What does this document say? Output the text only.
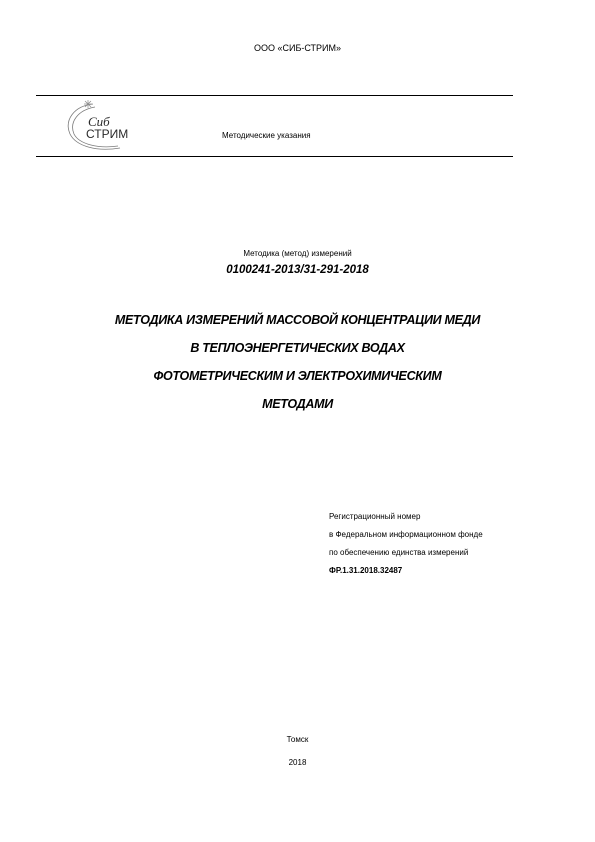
ООО «СИБ-СТРИМ»
Сиб
СТРИМ	Методические указания
Методика (метод) измерений
0100241-2013/31-291-2018
МЕТОДИКА ИЗМЕРЕНИЙ МАССОВОЙ КОНЦЕНТРАЦИИ МЕДИ
В ТЕПЛОЭНЕРГЕТИЧЕСКИХ ВОДАХ
ФОТОМЕТРИЧЕСКИМ И ЭЛЕКТРОХИМИЧЕСКИМ
МЕТОДАМИ
Регистрационный номер
в Федеральном информационном фонде
по обеспечению единства измерений
ФР.1.31.2018.32487
Томск
2018
